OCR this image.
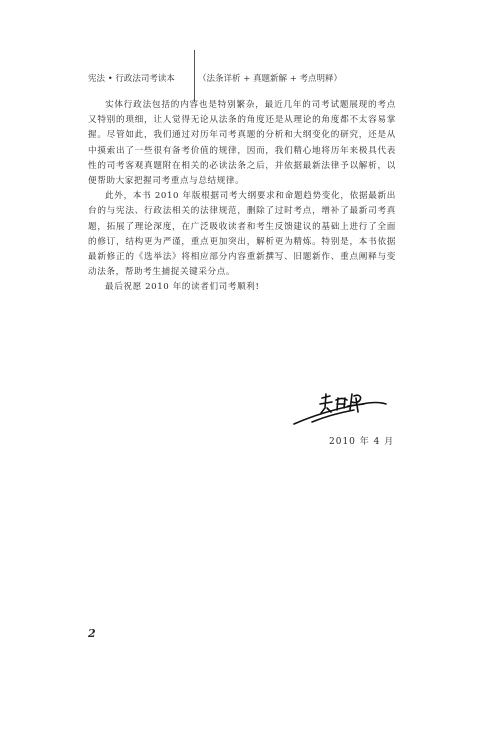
宪法 • 行政法司考读本	（法条详析 + 真题新解 + 考点明释）

实体行政法包括的内容也是特别繁杂，最近几年的司考试题展现的考点又特别的琐细，让人觉得无论从法条的角度还是从理论的角度都不太容易掌握。尽管如此，我们通过对历年司考真题的分析和大纲变化的研究，还是从中摸索出了一些很有备考价值的规律，因而，我们精心地将历年来极具代表性的司考客观真题附在相关的必读法条之后，并依据最新法律予以解析，以便帮助大家把握司考重点与总结规律。

此外，本书 2010 年版根据司考大纲要求和命题趋势变化，依据最新出台的与宪法、行政法相关的法律规范，删除了过时考点，增补了最新司考真题，拓展了理论深度，在广泛吸收读者和考生反馈建议的基础上进行了全面的修订，结构更为严谨，重点更加突出，解析更为精炼。特别是，本书依据最新修正的《选举法》将相应部分内容重新撰写、旧题新作、重点阐释与变动法条，帮助考生捕捉关键采分点。

最后祝愿 2010 年的读者们司考顺利!

2010 年 4 月
2
